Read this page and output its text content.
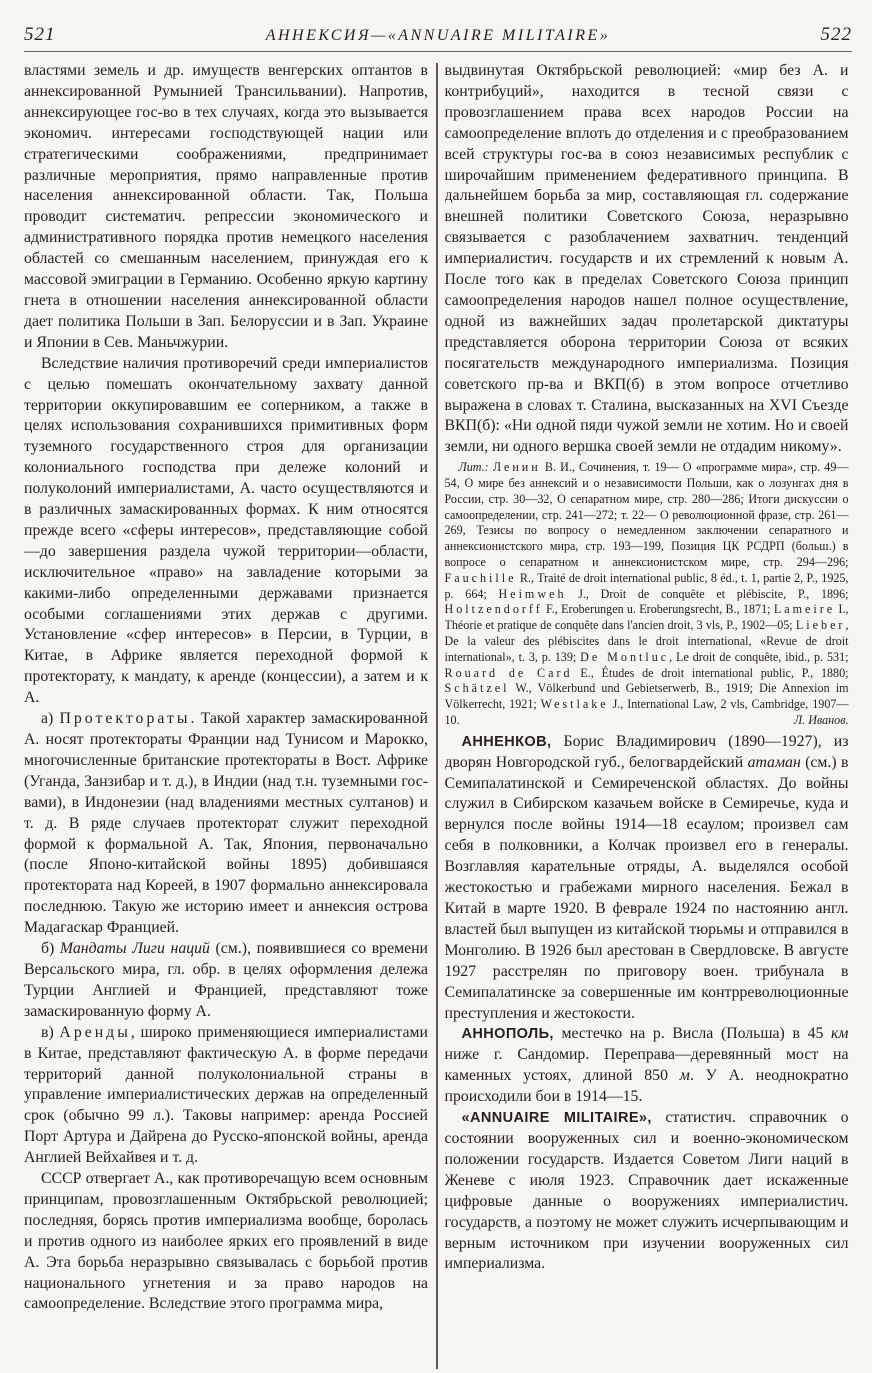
521	АННЕКСИЯ—«ANNUAIRE MILITAIRE»	522

властями земель и др. имуществ венгерских оптантов в аннексированной Румынией Трансильвании). Напротив, аннексирующее гос-во в тех случаях, когда это вызывается экономич. интересами господствующей нации или стратегическими соображениями, предпринимает различные мероприятия, прямо направленные против населения аннексированной области. Так, Польша проводит систематич. репрессии экономического и административного порядка против немецкого населения областей со смешанным населением, принуждая его к массовой эмиграции в Германию. Особенно яркую картину гнета в отношении населения аннексированной области дает политика Польши в Зап. Белоруссии и в Зап. Украине и Японии в Сев. Маньчжурии.

Вследствие наличия противоречий среди империалистов с целью помешать окончательному захвату данной территории оккупировавшим ее соперником, а также в целях использования сохранившихся примитивных форм туземного государственного строя для организации колониального господства при дележе колоний и полуколоний империалистами, А. часто осуществляются и в различных замаскированных формах. К ним относятся прежде всего «сферы интересов», представляющие собой—до завершения раздела чужой территории—области, исключительное «право» на завладение которыми за какими-либо определенными державами признается особыми соглашениями этих держав с другими. Установление «сфер интересов» в Персии, в Турции, в Китае, в Африке является переходной формой к протекторату, к мандату, к аренде (концессии), а затем и к А.

а) Протектораты. Такой характер замаскированной А. носят протектораты Франции над Тунисом и Марокко, многочисленные британские протектораты в Вост. Африке (Уганда, Занзибар и т. д.), в Индии (над т.н. туземными гос-вами), в Индонезии (над владениями местных султанов) и т. д. В ряде случаев протекторат служит переходной формой к формальной А. Так, Япония, первоначально (после Японо-китайской войны 1895) добившаяся протектората над Кореей, в 1907 формально аннексировала последнюю. Такую же историю имеет и аннексия острова Мадагаскар Францией.

б) Мандаты Лиги наций (см.), появившиеся со времени Версальского мира, гл. обр. в целях оформления дележа Турции Англией и Францией, представляют тоже замаскированную форму А.

в) Аренды, широко применяющиеся империалистами в Китае, представляют фактическую А. в форме передачи территорий данной полуколониальной страны в управление империалистических держав на определенный срок (обычно 99 л.). Таковы например: аренда Россией Порт Артура и Дайрена до Русско-японской войны, аренда Англией Вейхайвея и т. д.

СССР отвергает А., как противоречащую всем основным принципам, провозглашенным Октябрьской революцией; последняя, борясь против империализма вообще, боролась и против одного из наиболее ярких его проявлений в виде А. Эта борьба неразрывно связывалась с борьбой против национального угнетения и за право народов на самоопределение. Вследствие этого программа мира,

выдвинутая Октябрьской революцией: «мир без А. и контрибуций», находится в тесной связи с провозглашением права всех народов России на самоопределение вплоть до отделения и с преобразованием всей структуры гос-ва в союз независимых республик с широчайшим применением федеративного принципа. В дальнейшем борьба за мир, составляющая гл. содержание внешней политики Советского Союза, неразрывно связывается с разоблачением захватнич. тенденций империалистич. государств и их стремлений к новым А. После того как в пределах Советского Союза принцип самоопределения народов нашел полное осуществление, одной из важнейших задач пролетарской диктатуры представляется оборона территории Союза от всяких посягательств международного империализма. Позиция советского пр-ва и ВКП(б) в этом вопросе отчетливо выражена в словах т. Сталина, высказанных на XVI Съезде ВКП(б): «Ни одной пяди чужой земли не хотим. Но и своей земли, ни одного вершка своей земли не отдадим никому».

Лит.: Ленин В. И., Сочинения, т. 19— О «программе мира», стр. 49—54, О мире без аннексий и о независимости Польши, как о лозунгах дня в России, стр. 30—32, О сепаратном мире, стр. 280—286; Итоги дискуссии о самоопределении, стр. 241—272; т. 22— О революционной фразе, стр. 261—269, Тезисы по вопросу о немедленном заключении сепаратного и аннексионистского мира, стр. 193—199, Позиция ЦК РСДРП (больш.) в вопросе о сепаратном и аннексионистском мире, стр. 294—296; Fauchille R., Traité de droit international public, 8 éd., t. 1, partie 2, P., 1925, p. 664; Heimweh J., Droit de conquête et plébiscite, P., 1896; Holtzendorff F., Eroberungen u. Eroberungsrecht, B., 1871; Lameire I., Théorie et pratique de conquête dans l'ancien droit, 3 vls, P., 1902—05; Lieber, De la valeur des plébiscites dans le droit international, «Revue de droit international», t. 3, p. 139; De Montluc, Le droit de conquête, ibid., p. 531; Rouard de Card E., Études de droit international public, P., 1880; Schätzel W., Völkerbund und Gebietserwerb, B., 1919; Die Annexion im Völkerrecht, 1921; Westlake J., International Law, 2 vls, Cambridge, 1907—10.	Л. Иванов.

АННЕНКОВ, Борис Владимирович (1890—1927), из дворян Новгородской губ., белогвардейский атаман (см.) в Семипалатинской и Семиреченской областях. До войны служил в Сибирском казачьем войске в Семиречье, куда и вернулся после войны 1914—18 есаулом; произвел сам себя в полковники, а Колчак произвел его в генералы. Возглавляя карательные отряды, А. выделялся особой жестокостью и грабежами мирного населения. Бежал в Китай в марте 1920. В феврале 1924 по настоянию англ. властей был выпущен из китайской тюрьмы и отправился в Монголию. В 1926 был арестован в Свердловске. В августе 1927 расстрелян по приговору воен. трибунала в Семипалатинске за совершенные им контрреволюционные преступления и жестокости.

АННОПОЛЬ, местечко на р. Висла (Польша) в 45 км ниже г. Сандомир. Переправа—деревянный мост на каменных устоях, длиной 850 м. У А. неоднократно происходили бои в 1914—15.

«ANNUAIRE MILITAIRE», статистич. справочник о состоянии вооруженных сил и военно-экономическом положении государств. Издается Советом Лиги наций в Женеве с июля 1923. Справочник дает искаженные цифровые данные о вооружениях империалистич. государств, а поэтому не может служить исчерпывающим и верным источником при изучении вооруженных сил империализма.
